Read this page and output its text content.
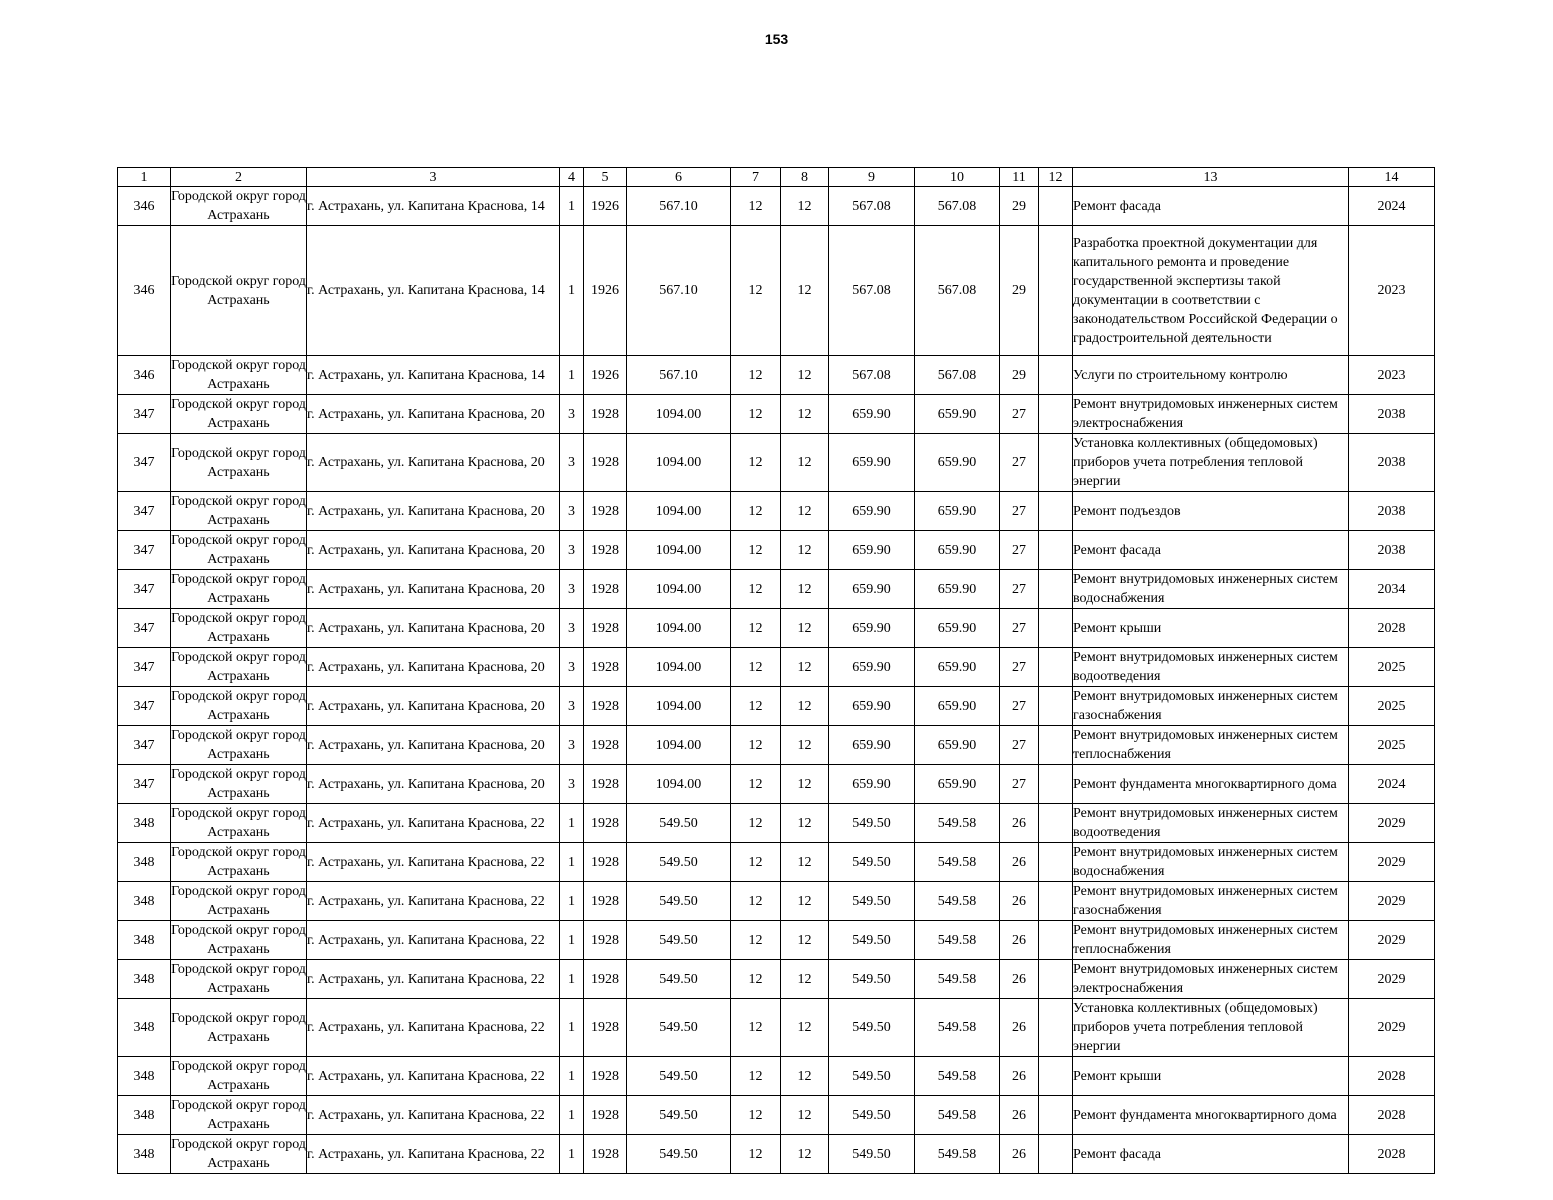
153
1	2	3	4	5	6	7	8	9	10	11	12	13	14
346	Городской округ город Астрахань	г. Астрахань, ул. Капитана Краснова, 14	1	1926	567.10	12	12	567.08	567.08	29		Ремонт фасада	2024
346	Городской округ город Астрахань	г. Астрахань, ул. Капитана Краснова, 14	1	1926	567.10	12	12	567.08	567.08	29		Разработка проектной документации для капитального ремонта и проведение государственной экспертизы такой документации в соответствии с законодательством Российской Федерации о градостроительной деятельности	2023
346	Городской округ город Астрахань	г. Астрахань, ул. Капитана Краснова, 14	1	1926	567.10	12	12	567.08	567.08	29		Услуги по строительному контролю	2023
347	Городской округ город Астрахань	г. Астрахань, ул. Капитана Краснова, 20	3	1928	1094.00	12	12	659.90	659.90	27		Ремонт внутридомовых инженерных систем электроснабжения	2038
347	Городской округ город Астрахань	г. Астрахань, ул. Капитана Краснова, 20	3	1928	1094.00	12	12	659.90	659.90	27		Установка коллективных (общедомовых) приборов учета потребления тепловой энергии	2038
347	Городской округ город Астрахань	г. Астрахань, ул. Капитана Краснова, 20	3	1928	1094.00	12	12	659.90	659.90	27		Ремонт подъездов	2038
347	Городской округ город Астрахань	г. Астрахань, ул. Капитана Краснова, 20	3	1928	1094.00	12	12	659.90	659.90	27		Ремонт фасада	2038
347	Городской округ город Астрахань	г. Астрахань, ул. Капитана Краснова, 20	3	1928	1094.00	12	12	659.90	659.90	27		Ремонт внутридомовых инженерных систем водоснабжения	2034
347	Городской округ город Астрахань	г. Астрахань, ул. Капитана Краснова, 20	3	1928	1094.00	12	12	659.90	659.90	27		Ремонт крыши	2028
347	Городской округ город Астрахань	г. Астрахань, ул. Капитана Краснова, 20	3	1928	1094.00	12	12	659.90	659.90	27		Ремонт внутридомовых инженерных систем водоотведения	2025
347	Городской округ город Астрахань	г. Астрахань, ул. Капитана Краснова, 20	3	1928	1094.00	12	12	659.90	659.90	27		Ремонт внутридомовых инженерных систем газоснабжения	2025
347	Городской округ город Астрахань	г. Астрахань, ул. Капитана Краснова, 20	3	1928	1094.00	12	12	659.90	659.90	27		Ремонт внутридомовых инженерных систем теплоснабжения	2025
347	Городской округ город Астрахань	г. Астрахань, ул. Капитана Краснова, 20	3	1928	1094.00	12	12	659.90	659.90	27		Ремонт фундамента многоквартирного дома	2024
348	Городской округ город Астрахань	г. Астрахань, ул. Капитана Краснова, 22	1	1928	549.50	12	12	549.50	549.58	26		Ремонт внутридомовых инженерных систем водоотведения	2029
348	Городской округ город Астрахань	г. Астрахань, ул. Капитана Краснова, 22	1	1928	549.50	12	12	549.50	549.58	26		Ремонт внутридомовых инженерных систем водоснабжения	2029
348	Городской округ город Астрахань	г. Астрахань, ул. Капитана Краснова, 22	1	1928	549.50	12	12	549.50	549.58	26		Ремонт внутридомовых инженерных систем газоснабжения	2029
348	Городской округ город Астрахань	г. Астрахань, ул. Капитана Краснова, 22	1	1928	549.50	12	12	549.50	549.58	26		Ремонт внутридомовых инженерных систем теплоснабжения	2029
348	Городской округ город Астрахань	г. Астрахань, ул. Капитана Краснова, 22	1	1928	549.50	12	12	549.50	549.58	26		Ремонт внутридомовых инженерных систем электроснабжения	2029
348	Городской округ город Астрахань	г. Астрахань, ул. Капитана Краснова, 22	1	1928	549.50	12	12	549.50	549.58	26		Установка коллективных (общедомовых) приборов учета потребления тепловой энергии	2029
348	Городской округ город Астрахань	г. Астрахань, ул. Капитана Краснова, 22	1	1928	549.50	12	12	549.50	549.58	26		Ремонт крыши	2028
348	Городской округ город Астрахань	г. Астрахань, ул. Капитана Краснова, 22	1	1928	549.50	12	12	549.50	549.58	26		Ремонт фундамента многоквартирного дома	2028
348	Городской округ город Астрахань	г. Астрахань, ул. Капитана Краснова, 22	1	1928	549.50	12	12	549.50	549.58	26		Ремонт фасада	2028
